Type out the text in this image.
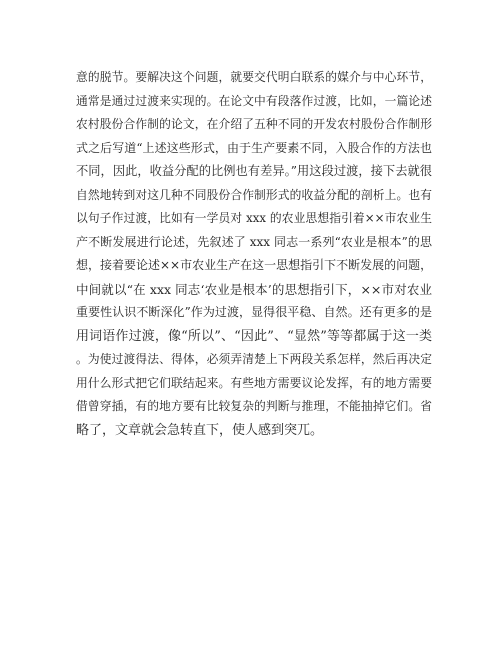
意的脱节。要解决这个问题，就要交代明白联系的媒介与中心环节，
通常是通过过渡来实现的。在论文中有段落作过渡，比如，一篇论述
农村股份合作制的论文，在介绍了五种不同的开发农村股份合作制形
式之后写道“上述这些形式，由于生产要素不同，入股合作的方法也
不同，因此，收益分配的比例也有差异。”用这段过渡，接下去就很
自然地转到对这几种不同股份合作制形式的收益分配的剖析上。也有
以句子作过渡，比如有一学员对 xxx 的农业思想指引着××市农业生
产不断发展进行论述，先叙述了 xxx 同志一系列“农业是根本”的思
想，接着要论述××市农业生产在这一思想指引下不断发展的问题，
中间就以“在 xxx 同志‘农业是根本’的思想指引下，××市对农业
重要性认识不断深化”作为过渡，显得很平稳、自然。还有更多的是
用词语作过渡，像“所以”、“因此”、“显然”等等都属于这一类
。为使过渡得法、得体，必须弄清楚上下两段关系怎样，然后再决定
用什么形式把它们联结起来。有些地方需要议论发挥，有的地方需要
借曾穿插，有的地方要有比较复杂的判断与推理，不能抽掉它们。省
略了，文章就会急转直下，使人感到突兀。
